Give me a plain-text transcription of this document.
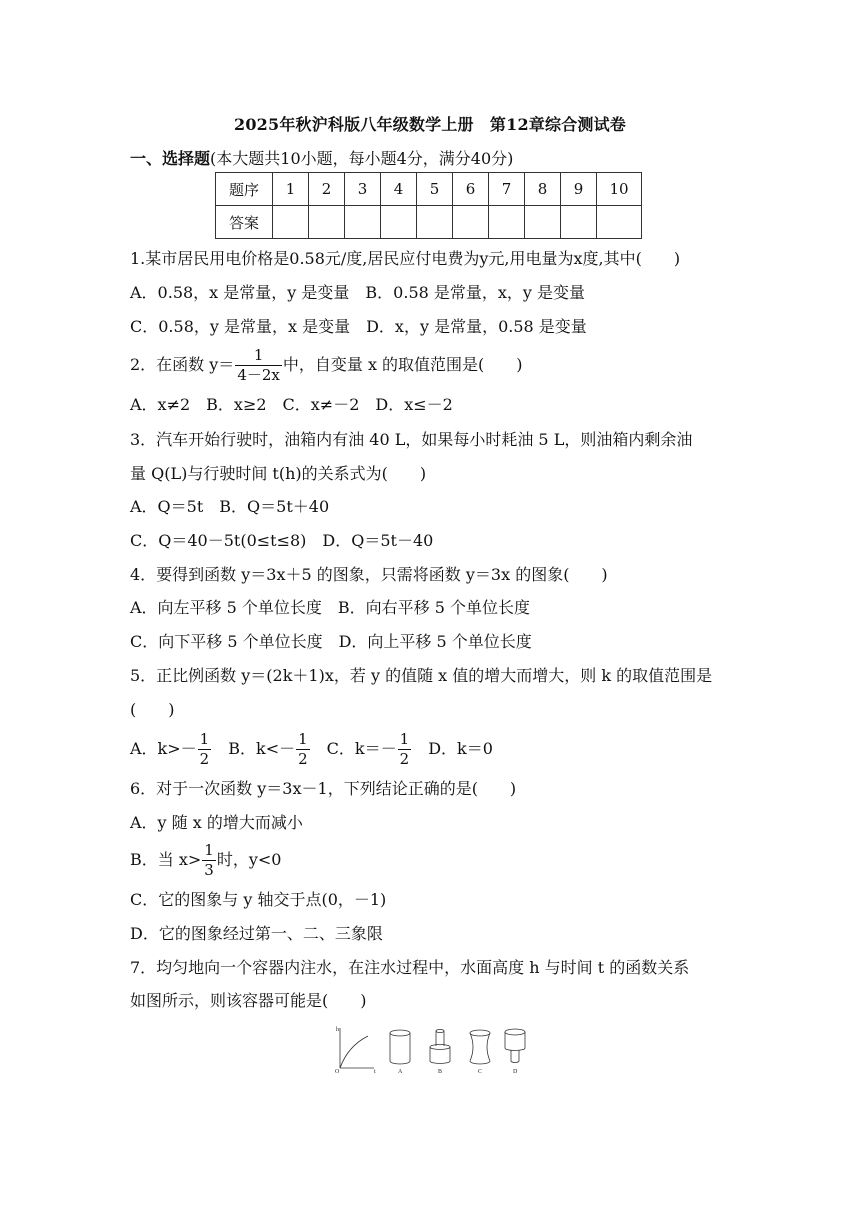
2025年秋沪科版八年级数学上册　第12章综合测试卷
一、选择题(本大题共10小题，每小题4分，满分40分)
题序	1	2	3	4	5	6	7	8	9	10
答案										
1.某市居民用电价格是0.58元/度,居民应付电费为y元,用电量为x度,其中(　　)
A．0.58，x 是常量，y 是变量　B．0.58 是常量，x，y 是变量
C．0.58，y 是常量，x 是变量　D．x，y 是常量，0.58 是变量
2．在函数 $y= \frac{1}{4-2x}$ 中，自变量 x 的取值范围是(　　)
A．x≠2　B．x≥2　C．x≠－2　D．x≤－2
3．汽车开始行驶时，油箱内有油 40 L，如果每小时耗油 5 L，则油箱内剩余油
量 Q(L)与行驶时间 t(h)的关系式为(　　)
A．Q＝5t　B．Q＝5t＋40
C．Q＝40－5t(0≤t≤8)　D．Q＝5t－40
4．要得到函数 y＝3x＋5 的图象，只需将函数 y＝3x 的图象(　　)
A．向左平移 5 个单位长度　B．向右平移 5 个单位长度
C．向下平移 5 个单位长度　D．向上平移 5 个单位长度
5．正比例函数 y＝(2k＋1)x，若 y 的值随 x 值的增大而增大，则 k 的取值范围是
(　　)
A．$k>- \frac{1}{2}$
　 B．$k<- \frac{1}{2}$
　 C．$k=- \frac{1}{2}$
　 D．k＝0
6．对于一次函数 y＝3x－1，下列结论正确的是(　　)
A．y 随 x 的增大而减小
B．当 $x> \frac{1}{3}$ 时，y<0
C．它的图象与 y 轴交于点(0，－1)
D．它的图象经过第一、二、三象限
7．均匀地向一个容器内注水，在注水过程中，水面高度 h 与时间 t 的函数关系
如图所示，则该容器可能是(　　)
h
O	t	A	B	C	D
